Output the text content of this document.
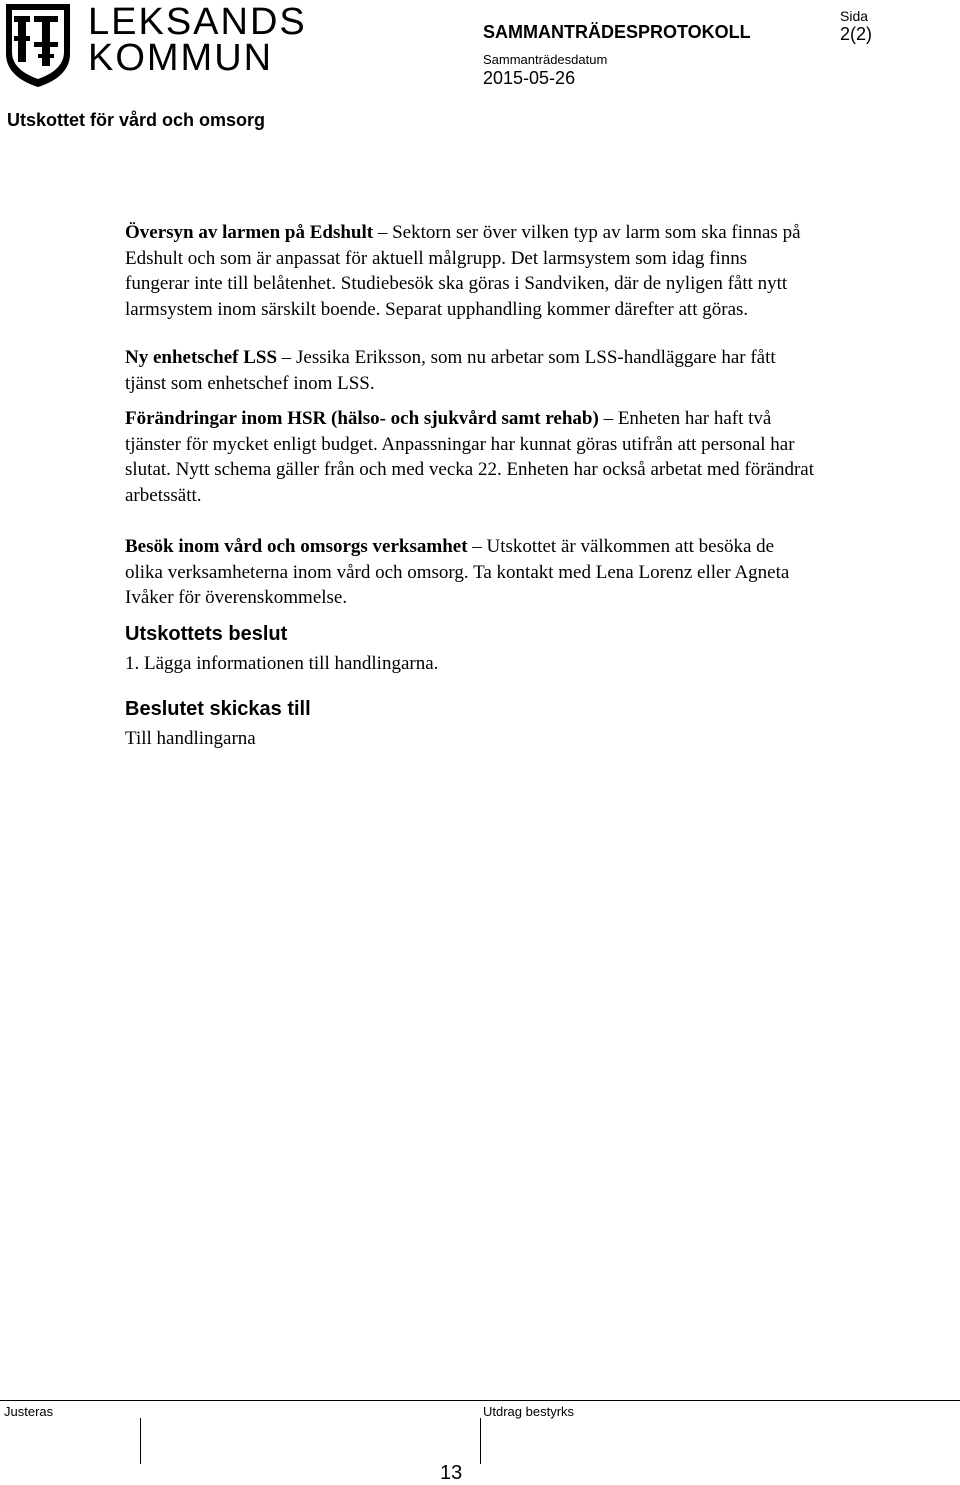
LEKSANDS
KOMMUN
SAMMANTRÄDESPROTOKOLL
Sida
2(2)
Sammanträdesdatum
2015-05-26
Utskottet för vård och omsorg

Översyn av larmen på Edshult – Sektorn ser över vilken typ av larm som ska finnas på Edshult och som är anpassat för aktuell målgrupp. Det larmsystem som idag finns fungerar inte till belåtenhet. Studiebesök ska göras i Sandviken, där de nyligen fått nytt larmsystem inom särskilt boende. Separat upphandling kommer därefter att göras.

Ny enhetschef LSS – Jessika Eriksson, som nu arbetar som LSS-handläggare har fått tjänst som enhetschef inom LSS.

Förändringar inom HSR (hälso- och sjukvård samt rehab) – Enheten har haft två tjänster för mycket enligt budget. Anpassningar har kunnat göras utifrån att personal har slutat. Nytt schema gäller från och med vecka 22. Enheten har också arbetat med förändrat arbetssätt.

Besök inom vård och omsorgs verksamhet – Utskottet är välkommen att besöka de olika verksamheterna inom vård och omsorg. Ta kontakt med Lena Lorenz eller Agneta Ivåker för överenskommelse.

Utskottets beslut

1. Lägga informationen till handlingarna.

Beslutet skickas till

Till handlingarna

Justeras	Utdrag bestyrks
13
